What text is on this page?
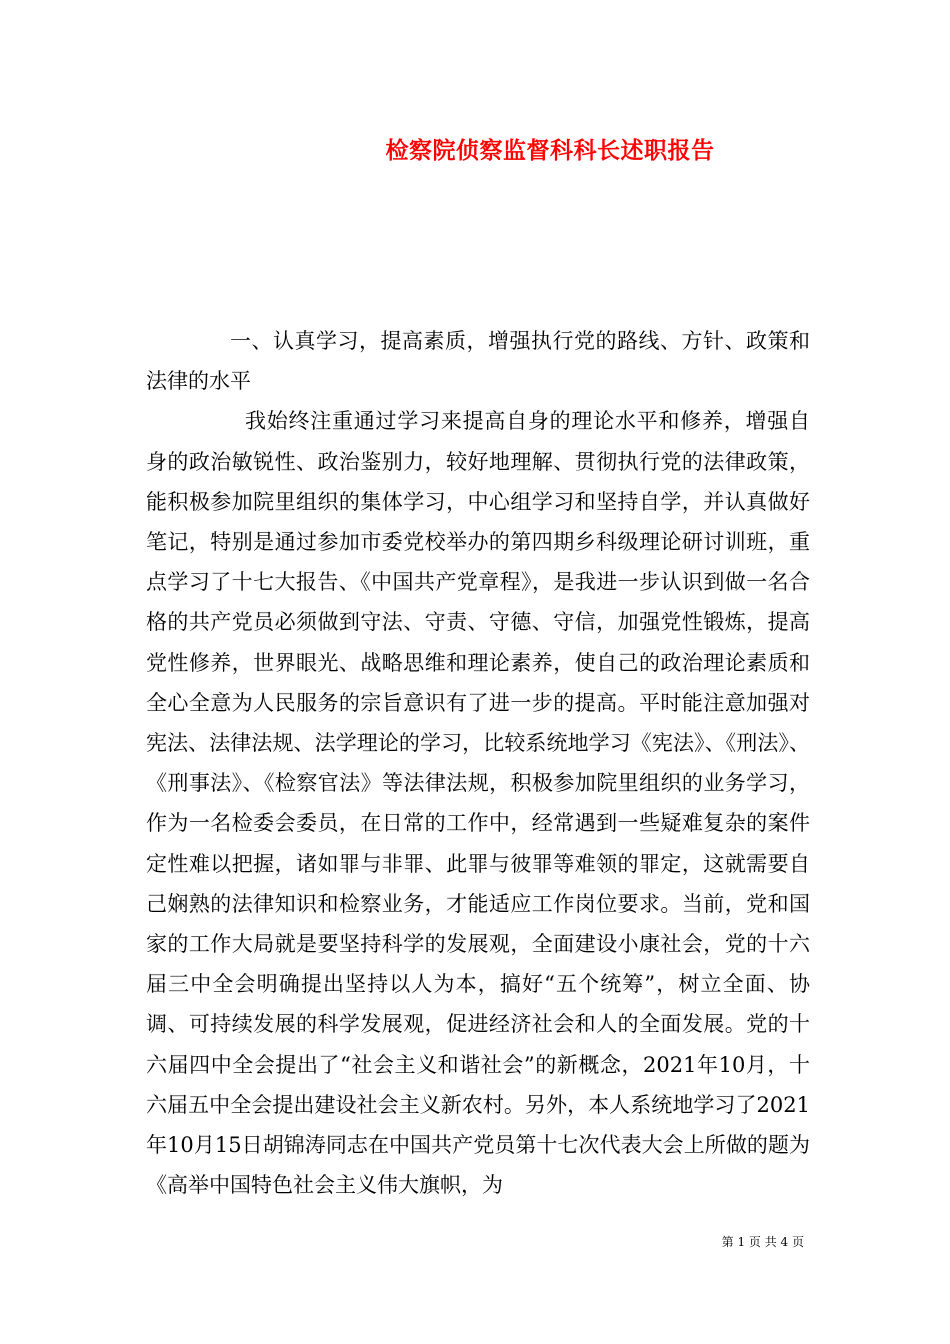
检察院侦察监督科科长述职报告

一、认真学习，提高素质，增强执行党的路线、方针、政策和法律的水平

我始终注重通过学习来提高自身的理论水平和修养，增强自身的政治敏锐性、政治鉴别力，较好地理解、贯彻执行党的法律政策，能积极参加院里组织的集体学习，中心组学习和坚持自学，并认真做好笔记，特别是通过参加市委党校举办的第四期乡科级理论研讨训班，重点学习了十七大报告、《中国共产党章程》，是我进一步认识到做一名合格的共产党员必须做到守法、守责、守德、守信，加强党性锻炼，提高党性修养，世界眼光、战略思维和理论素养，使自己的政治理论素质和全心全意为人民服务的宗旨意识有了进一步的提高。平时能注意加强对宪法、法律法规、法学理论的学习，比较系统地学习《宪法》、《刑法》、《刑事法》、《检察官法》等法律法规，积极参加院里组织的业务学习，作为一名检委会委员，在日常的工作中，经常遇到一些疑难复杂的案件定性难以把握，诸如罪与非罪、此罪与彼罪等难领的罪定，这就需要自己娴熟的法律知识和检察业务，才能适应工作岗位要求。当前，党和国家的工作大局就是要坚持科学的发展观，全面建设小康社会，党的十六届三中全会明确提出坚持以人为本，搞好“五个统筹”，树立全面、协调、可持续发展的科学发展观，促进经济社会和人的全面发展。党的十六届四中全会提出了“社会主义和谐社会”的新概念，2021年10月，十六届五中全会提出建设社会主义新农村。另外，本人系统地学习了2021年10月15日胡锦涛同志在中国共产党员第十七次代表大会上所做的题为《高举中国特色社会主义伟大旗帜，为

第 1 页 共 4 页
